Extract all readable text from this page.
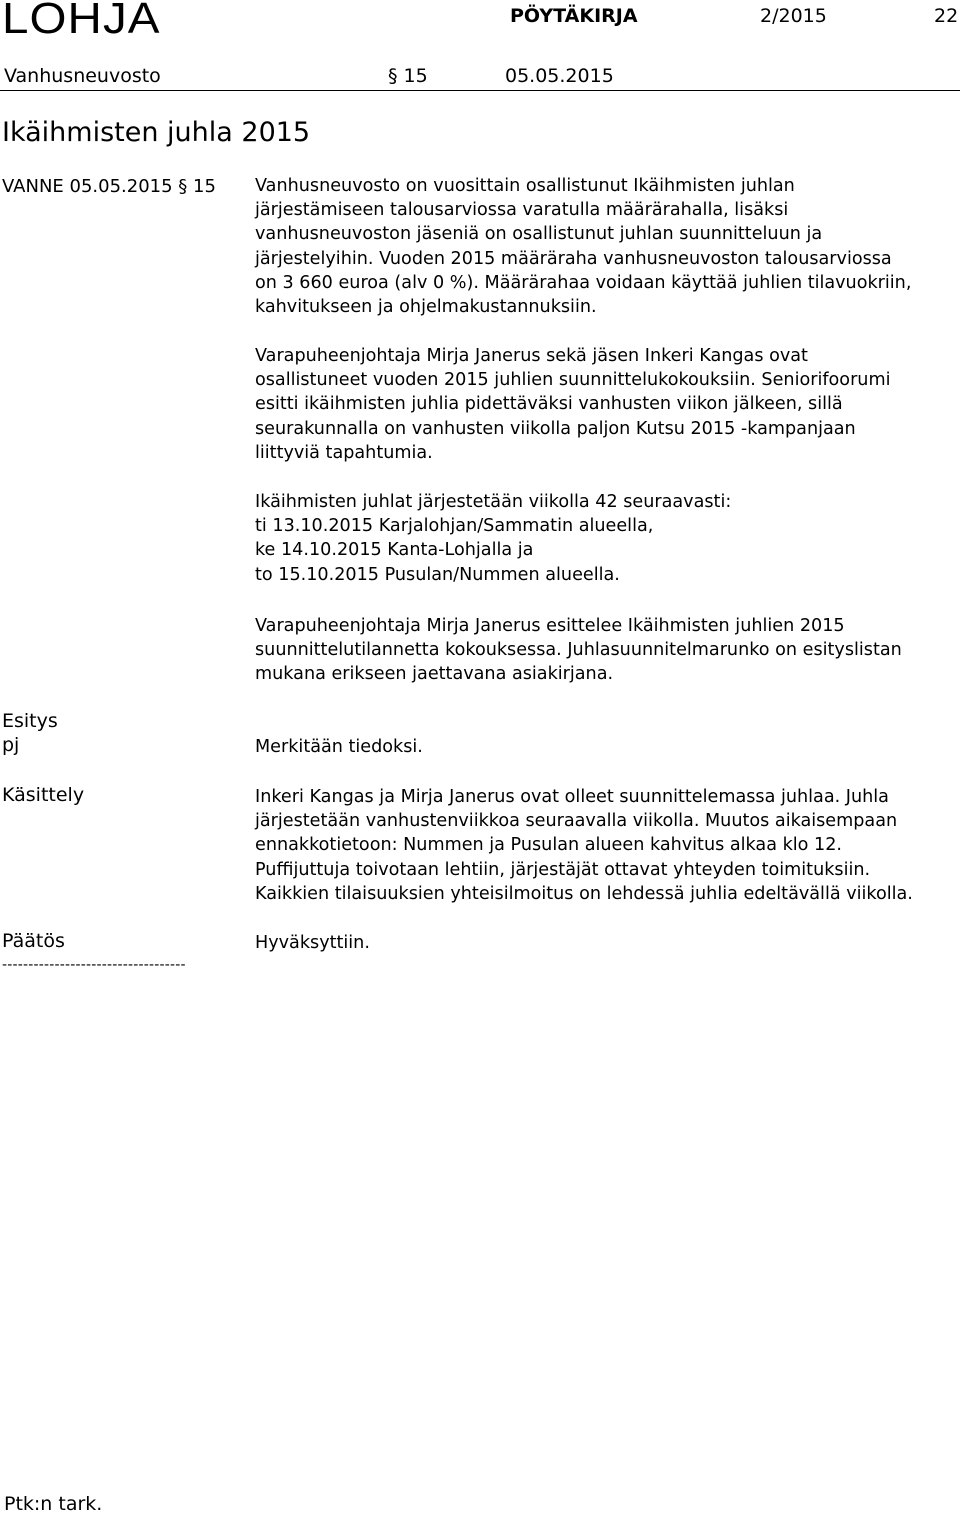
LOHJA	PÖYTÄKIRJA	2/2015	22
Vanhusneuvosto	§ 15	05.05.2015
Ikäihmisten juhla 2015
VANNE 05.05.2015 § 15 Vanhusneuvosto on vuosittain osallistunut Ikäihmisten juhlan
järjestämiseen talousarviossa varatulla määrärahalla, lisäksi
vanhusneuvoston jäseniä on osallistunut juhlan suunnitteluun ja
järjestelyihin. Vuoden 2015 määräraha vanhusneuvoston talousarviossa
on 3 660 euroa (alv 0 %). Määrärahaa voidaan käyttää juhlien tilavuokriin,
kahvitukseen ja ohjelmakustannuksiin.

Varapuheenjohtaja Mirja Janerus sekä jäsen Inkeri Kangas ovat
osallistuneet vuoden 2015 juhlien suunnittelukokouksiin. Seniorifoorumi
esitti ikäihmisten juhlia pidettäväksi vanhusten viikon jälkeen, sillä
seurakunnalla on vanhusten viikolla paljon Kutsu 2015 -kampanjaan
liittyviä tapahtumia.

Ikäihmisten juhlat järjestetään viikolla 42 seuraavasti:
ti 13.10.2015 Karjalohjan/Sammatin alueella,
ke 14.10.2015 Kanta-Lohjalla ja
to 15.10.2015 Pusulan/Nummen alueella.

Varapuheenjohtaja Mirja Janerus esittelee Ikäihmisten juhlien 2015
suunnittelutilannetta kokouksessa. Juhlasuunnitelmarunko on esityslistan
mukana erikseen jaettavana asiakirjana.

Esitys
pj	Merkitään tiedoksi.

Käsittely	Inkeri Kangas ja Mirja Janerus ovat olleet suunnittelemassa juhlaa. Juhla
järjestetään vanhustenviikkoa seuraavalla viikolla. Muutos aikaisempaan
ennakkotietoon: Nummen ja Pusulan alueen kahvitus alkaa klo 12.
Puffijuttuja toivotaan lehtiin, järjestäjät ottavat yhteyden toimituksiin.
Kaikkien tilaisuuksien yhteisilmoitus on lehdessä juhlia edeltävällä viikolla.

Päätös	Hyväksyttiin.

-----------------------------------
Ptk:n tark.
